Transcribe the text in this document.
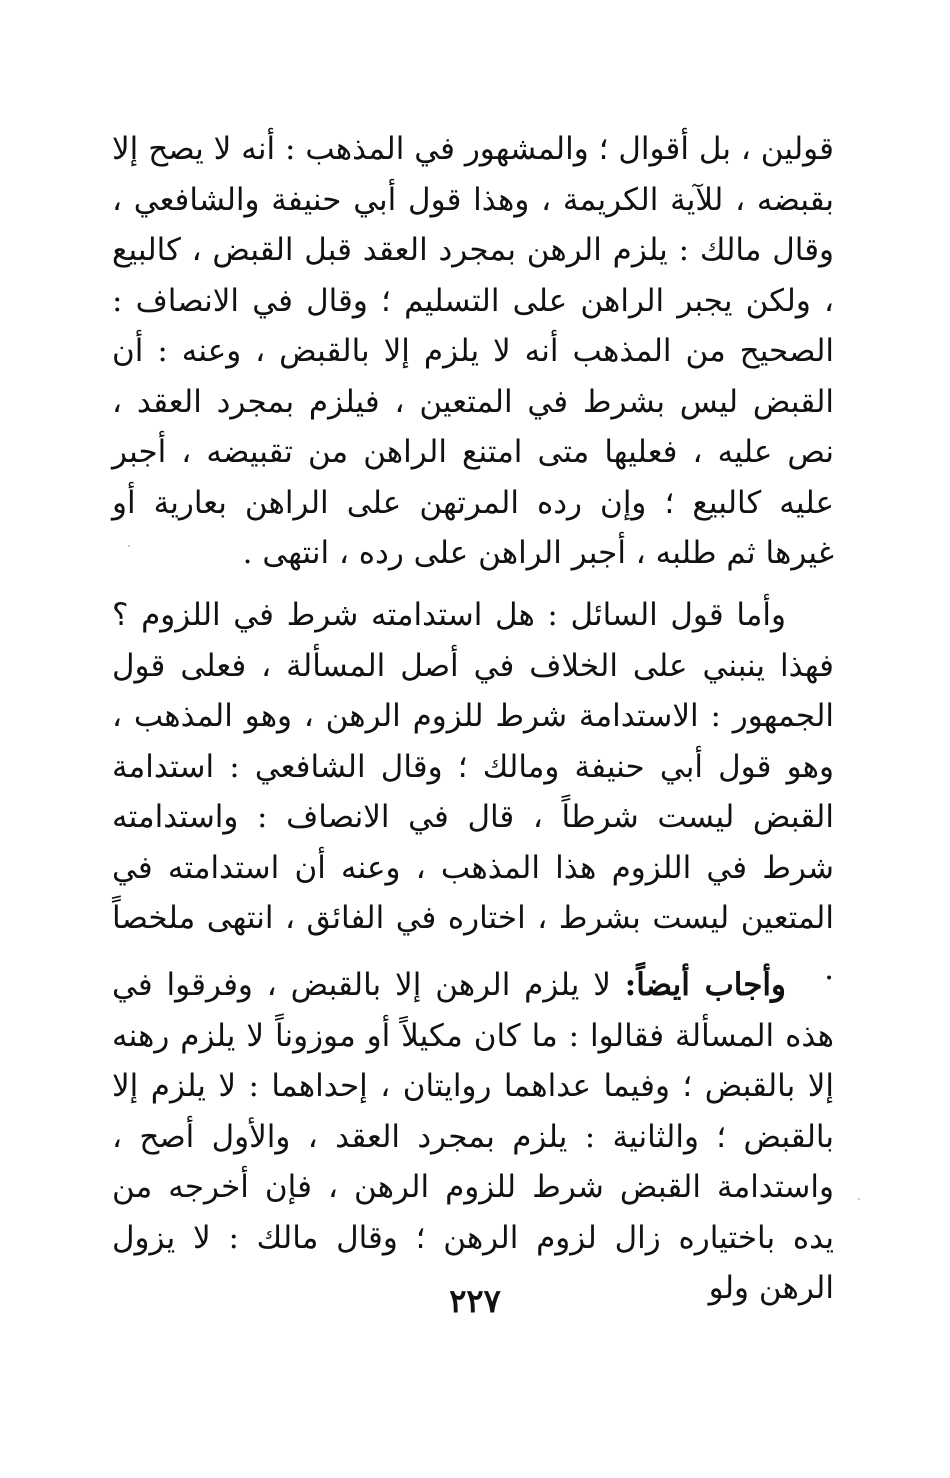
قولين ، بل أقوال ؛ والمشهور في المذهب : أنه لا يصح إلا بقبضه ، للآية الكريمة ، وهذا قول أبي حنيفة والشافعي ، وقال مالك : يلزم الرهن بمجرد العقد قبل القبض ، كالبيع ، ولكن يجبر الراهن على التسليم ؛ وقال في الانصاف : الصحيح من المذهب أنه لا يلزم إلا بالقبض ، وعنه : أن القبض ليس بشرط في المتعين ، فيلزم بمجرد العقد ، نص عليه ، فعليها متى امتنع الراهن من تقبيضه ، أجبر عليه كالبيع ؛ وإن رده المرتهن على الراهن بعارية أو غيرها ثم طلبه ، أجبر الراهن على رده ، انتهى .

وأما قول السائل : هل استدامته شرط في اللزوم ؟ فهذا ينبني على الخلاف في أصل المسألة ، فعلى قول الجمهور : الاستدامة شرط للزوم الرهن ، وهو المذهب ، وهو قول أبي حنيفة ومالك ؛ وقال الشافعي : استدامة القبض ليست شرطاً ، قال في الانصاف : واستدامته شرط في اللزوم هذا المذهب ، وعنه أن استدامته في المتعين ليست بشرط ، اختاره في الفائق ، انتهى ملخصاً .

وأجاب أيضاً: لا يلزم الرهن إلا بالقبض ، وفرقوا في هذه المسألة فقالوا : ما كان مكيلاً أو موزوناً لا يلزم رهنه إلا بالقبض ؛ وفيما عداهما روايتان ، إحداهما : لا يلزم إلا بالقبض ؛ والثانية : يلزم بمجرد العقد ، والأول أصح ، واستدامة القبض شرط للزوم الرهن ، فإن أخرجه من يده باختياره زال لزوم الرهن ؛ وقال مالك : لا يزول الرهن ولو

٢٢٧
